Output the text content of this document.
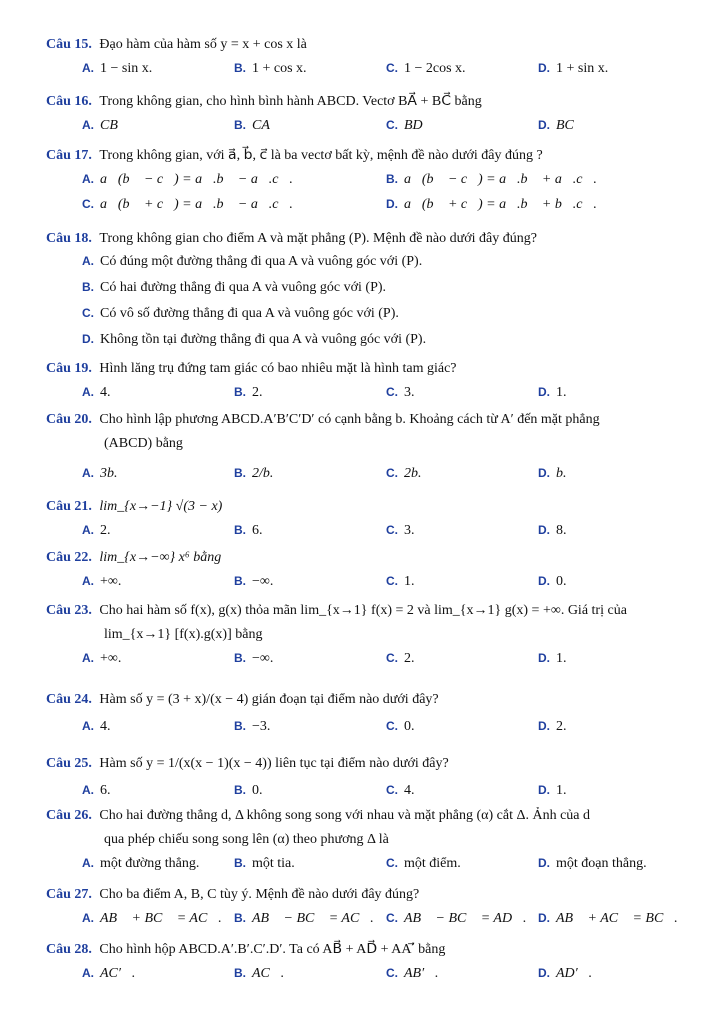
Câu 15. Đạo hàm của hàm số y = x + cos x là
A. 1 − sin x.	B. 1 + cos x.	C. 1 − 2cos x.	D. 1 + sin x.
Câu 16. Trong không gian, cho hình bình hành ABCD. Vectơ BA⃗ + BC⃗ bằng
A. CB⃗	B. CA⃗	C. BD⃗	D. BC⃗
Câu 17. Trong không gian, với a⃗, b⃗, c⃗ là ba vectơ bất kỳ, mệnh đề nào dưới đây đúng ?
A. a⃗(b⃗ − c⃗) = a⃗.b⃗ − a⃗.c⃗.	B. a⃗(b⃗ − c⃗) = a⃗.b⃗ + a⃗.c⃗.
C. a⃗(b⃗ + c⃗) = a⃗.b⃗ − a⃗.c⃗.	D. a⃗(b⃗ + c⃗) = a⃗.b⃗ + b⃗.c⃗.
Câu 18. Trong không gian cho điểm A và mặt phẳng (P). Mệnh đề nào dưới đây đúng?
A. Có đúng một đường thẳng đi qua A và vuông góc với (P).
B. Có hai đường thẳng đi qua A và vuông góc với (P).
C. Có vô số đường thẳng đi qua A và vuông góc với (P).
D. Không tồn tại đường thẳng đi qua A và vuông góc với (P).
Câu 19. Hình lăng trụ đứng tam giác có bao nhiêu mặt là hình tam giác?
A. 4.	B. 2.	C. 3.	D. 1.
Câu 20. Cho hình lập phương ABCD.A′B′C′D′ có cạnh bằng b. Khoảng cách từ A′ đến mặt phẳng
(ABCD) bằng
A. 3b.	B. 2/b.	C. 2b.	D. b.
Câu 21. lim_{x→−1} √(3 − x)
A. 2.	B. 6.	C. 3.	D. 8.
Câu 22. lim_{x→−∞} x⁶ bằng
A. +∞.	B. −∞.	C. 1.	D. 0.
Câu 23. Cho hai hàm số f(x), g(x) thỏa mãn lim_{x→1} f(x) = 2 và lim_{x→1} g(x) = +∞. Giá trị của
lim_{x→1} [f(x).g(x)] bằng
A. +∞.	B. −∞.	C. 2.	D. 1.
Câu 24. Hàm số y = (3 + x)/(x − 4) gián đoạn tại điểm nào dưới đây?
A. 4.	B. −3.	C. 0.	D. 2.
Câu 25. Hàm số y = 1/(x(x − 1)(x − 4)) liên tục tại điểm nào dưới đây?
A. 6.	B. 0.	C. 4.	D. 1.
Câu 26. Cho hai đường thẳng d, Δ không song song với nhau và mặt phẳng (α) cắt Δ. Ảnh của d
qua phép chiếu song song lên (α) theo phương Δ là
A. một đường thẳng.	B. một tia.	C. một điểm.	D. một đoạn thẳng.
Câu 27. Cho ba điểm A, B, C tùy ý. Mệnh đề nào dưới đây đúng?
A. AB⃗ + BC⃗ = AC⃗. B. AB⃗ − BC⃗ = AC⃗. C. AB⃗ − BC⃗ = AD⃗. D. AB⃗ + AC⃗ = BC⃗.
Câu 28. Cho hình hộp ABCD.A′.B′.C′.D′. Ta có AB⃗ + AD⃗ + AA′⃗ bằng
A. AC′⃗.	B. AC⃗.	C. AB′⃗.	D. AD′⃗.
